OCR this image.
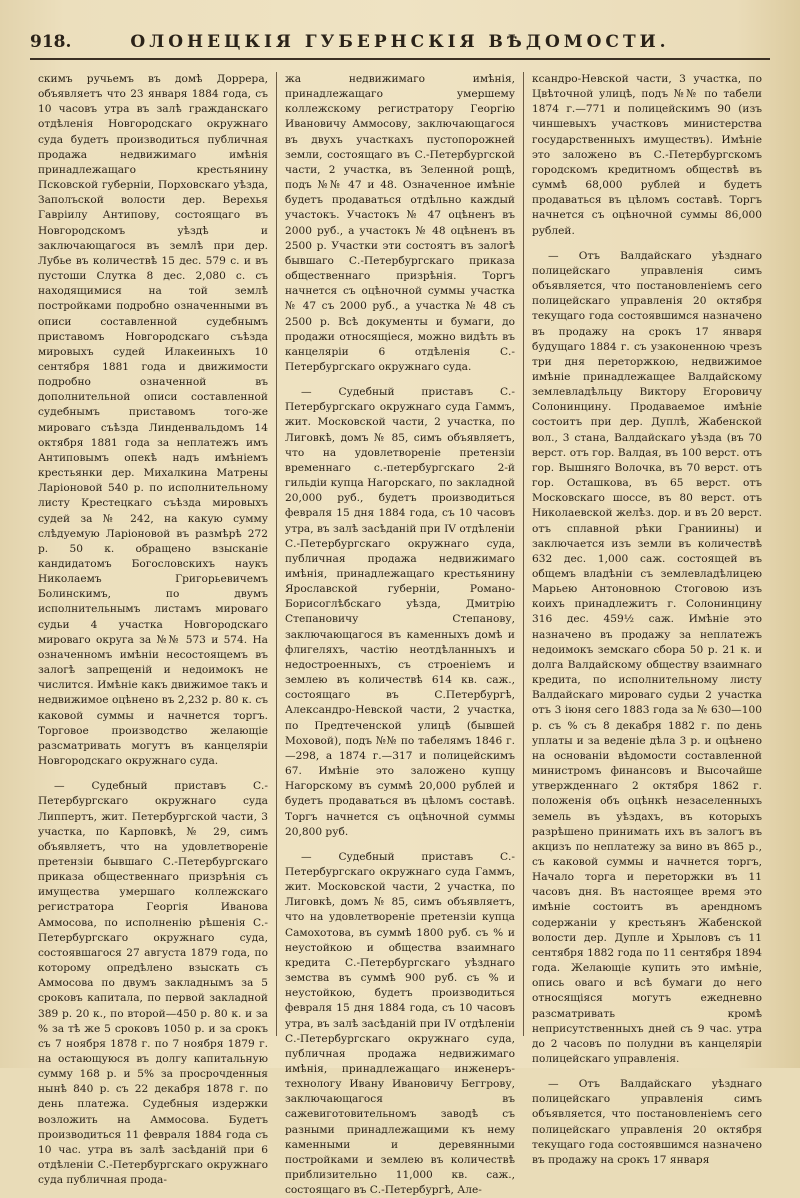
918.	ОЛОНЕЦКІЯ ГУБЕРНСКІЯ ВѢДОМОСТИ.

скимъ ручьемъ въ домѣ Доррера, объявляетъ что 23 января 1884 года, съ 10 часовъ утра въ залѣ гражданскаго отдѣленія Новгородскаго окружнаго суда будетъ производиться публичная продажа недвижимаго имѣнія принадлежащаго крестьянину Псковской губерніи, Порховскаго уѣзда, Заполъской волости дер. Верехья Гавріилу Антипову, состоящаго въ Новгородскомъ уѣздѣ и заключающагося въ землѣ при дер. Лубье въ количествѣ 15 дес. 579 с. и въ пустоши Слутка 8 дес. 2,080 с. съ находящимися на той землѣ постройками подробно означенными въ описи составленной судебнымъ приставомъ Новгородскаго съѣзда мировыхъ судей Илакеиныхъ 10 сентября 1881 года и движимости подробно означенной въ дополнительной описи составленной судебнымъ приставомъ того-же мироваго съѣзда Линденвальдомъ 14 октября 1881 года за неплатежъ имъ Антиповымъ опекѣ надъ имѣніемъ крестьянки дер. Михалкина Матрены Ларіоновой 540 р. по исполнительному листу Крестецкаго съѣзда мировыхъ судей за № 242, на какую сумму слѣдуемую Ларіоновой въ размѣрѣ 272 р. 50 к. обращено взысканіе кандидатомъ Богословскихъ наукъ Николаемъ Григорьевичемъ Болинскимъ, по двумъ исполнительнымъ листамъ мироваго судьи 4 участка Новгородскаго мироваго округа за №№ 573 и 574. На означенномъ имѣніи несостоящемъ въ залогѣ запрещеній и недоимокъ не числится. Имѣніе какъ движимое такъ и недвижимое оцѣнено въ 2,232 р. 80 к. съ каковой суммы и начнется торгъ. Торговое производство желающіе разсматривать могутъ въ канцеляріи Новгородскаго окружнаго суда.

— Судебный приставъ С.-Петербургскаго окружнаго суда Липпертъ, жит. Петербургской части, 3 участка, по Карповкѣ, № 29, симъ объявляетъ, что на удовлетвореніе претензіи бывшаго С.-Петербургскаго приказа общественнаго призрѣнія съ имущества умершаго коллежскаго регистратора Георгія Ивановa Аммосова, по исполненію рѣшенія С.-Петербургскаго окружнаго суда, состоявшагося 27 августа 1879 года, по которому опредѣлено взыскать съ Аммосова по двумъ закладнымъ за 5 сроковъ капитала, по первой закладной 389 р. 20 к., по второй—450 р. 80 к. и за % за тѣ же 5 сроковъ 1050 р. и за срокъ съ 7 ноября 1878 г. по 7 ноября 1879 г. на остающуюся въ долгу капитальную сумму 168 р. и 5% за просрочденныя нынѣ 840 р. съ 22 декабря 1878 г. по день платежа. Судебныя издержки возложить на Аммосова. Будетъ производиться 11 февраля 1884 года съ 10 час. утра въ залѣ засѣданій при 6 отдѣленіи С.-Петербургскаго окружнаго суда публичная прода-

жа недвижимаго имѣнія, принадлежащаго умершему коллежскому регистратору Георгію Ивановичу Аммосову, заключающагося въ двухъ участкахъ пустопорожней земли, состоящаго въ С.-Петербургской части, 2 участка, въ Зеленной рощѣ, подъ №№ 47 и 48. Означенное имѣніе будетъ продаваться отдѣльно каждый участокъ. Участокъ № 47 оцѣненъ въ 2000 руб., а участокъ № 48 оцѣненъ въ 2500 р. Участки эти состоятъ въ залогѣ бывшаго С.-Петербургскаго приказа общественнаго призрѣнія. Торгъ начнется съ оцѣночной суммы участка № 47 съ 2000 руб., а участка № 48 съ 2500 р. Всѣ документы и бумаги, до продажи относящіеся, можно видѣть въ канцеляріи 6 отдѣленія С.-Петербургскаго окружнаго суда.

— Судебный приставъ С.-Петербургскаго окружнаго суда Гаммъ, жит. Московской части, 2 участка, по Лиговкѣ, домъ № 85, симъ объявляетъ, что на удовлетвореніе претензіи временнаго с.-петербургскаго 2-й гильдіи купца Нагорскаго, по закладной 20,000 руб., будетъ производиться февраля 15 дня 1884 года, съ 10 часовъ утра, въ залѣ засѣданій при IV отдѣленіи С.-Петербургскаго окружнаго суда, публичная продажа недвижимаго имѣнія, принадлежащаго крестьянину Ярославской губерніи, Романо-Борисоглѣбскаго уѣзда, Дмитрію Степановичу Степанову, заключающагося въ каменныхъ домѣ и флигеляхъ, частію неотдѣланныхъ и недостроенныхъ, съ строеніемъ и землею въ количествѣ 614 кв. саж., состоящаго въ С.Петербургѣ, Александро-Невской части, 2 участка, по Предтеченской улицѣ (бывшей Моховой), подъ №№ по табелямъ 1846 г.—298, а 1874 г.—317 и полицейскимъ 67. Имѣніе это заложено купцу Нагорскому въ суммѣ 20,000 рублей и будетъ продаваться въ цѣломъ составѣ. Торгъ начнется съ оцѣночной суммы 20,800 руб.

— Судебный приставъ С.-Петербургскаго окружнаго суда Гаммъ, жит. Московской части, 2 участка, по Лиговкѣ, домъ № 85, симъ объявляетъ, что на удовлетвореніе претензіи купца Самохотова, въ суммѣ 1800 руб. съ % и неустойкою и общества взаимнаго кредита С.-Петербургскаго уѣзднаго земства въ суммѣ 900 руб. съ % и неустойкою, будетъ производиться февраля 15 дня 1884 года, съ 10 часовъ утра, въ залѣ засѣданій при IV отдѣленіи С.-Петербургскаго окружнаго суда, публичная продажа недвижимаго имѣнія, принадлежащаго инженеръ-технологу Ивану Ивановичу Беггрову, заключающагося въ сажевиготовительномъ заводѣ съ разными принадлежащими къ нему каменными и деревянными постройками и землею въ количествѣ приблизительно 11,000 кв. саж., состоящаго въ С.-Петербургѣ, Але-

ксандро-Невской части, 3 участка, по Цвѣточной улицѣ, подъ №№ по табели 1874 г.—771 и полицейскимъ 90 (изъ чиншевыхъ участковъ министерства государственныхъ имуществъ). Имѣніе это заложено въ С.-Петербургскомъ городскомъ кредитномъ обществѣ въ суммѣ 68,000 рублей и будетъ продаваться въ цѣломъ составѣ. Торгъ начнется съ оцѣночной суммы 86,000 рублей.

— Отъ Валдайскаго уѣзднаго полицейскаго управленія симъ объявляется, что постановленіемъ сего полицейскаго управленія 20 октября текущаго года состоявшимся назначено въ продажу на срокъ 17 января будущаго 1884 г. съ узаконенною чрезъ три дня переторжкою, недвижимое имѣніе принадлежащее Валдайскому землевладѣльцу Виктору Егоровичу Солонинцину. Продаваемое имѣніе состоитъ при дер. Дуплѣ, Жабенской вол., 3 стана, Валдайскаго уѣзда (въ 70 верст. отъ гор. Валдая, въ 100 верст. отъ гор. Вышняго Волочка, въ 70 верст. отъ гор. Осташкова, въ 65 верст. отъ Московскаго шоссе, въ 80 верст. отъ Николаевской желѣз. дор. и въ 20 верст. отъ сплавной рѣки Граниины) и заключается изъ земли въ количествѣ 632 дес. 1,000 саж. состоящей въ общемъ владѣніи съ землевладѣлицею Марьею Антоновною Стоговою изъ коихъ принадлежитъ г. Солонинцину 316 дес. 459½ саж. Имѣніе это назначено въ продажу за неплатежъ недоимокъ земскаго сбора 50 р. 21 к. и долга Валдайскому обществу взаимнаго кредита, по исполнительному листу Валдайскаго мироваго судьи 2 участка отъ 3 іюня сего 1883 года за № 630—100 р. съ % съ 8 декабря 1882 г. по день уплаты и за веденіе дѣла 3 р. и оцѣнено на основаніи вѣдомости составленной министромъ финансовъ и Высочайше утвержденнаго 2 октября 1862 г. положенія объ оцѣнкѣ незаселенныхъ земель въ уѣздахъ, въ которыхъ разрѣшено принимать ихъ въ залогъ въ акцизъ по неплатежу за вино въ 865 р., съ каковой суммы и начнется торгъ, Начало торга и переторжки въ 11 часовъ дня. Въ настоящее время это имѣніе состоитъ въ арендномъ содержаніи у крестьянъ Жабенской волости дер. Дупле и Хрыловъ съ 11 сентября 1882 года по 11 сентября 1894 года. Желающіе купить это имѣніе, опись оваго и всѣ бумаги до него относящіяся могутъ ежедневно разсматривать кромѣ неприсутственныхъ дней съ 9 час. утра до 2 часовъ по полудни въ канцеляріи полицейскаго управленія.

— Отъ Валдайскаго уѣзднаго полицейскаго управленія симъ объявляется, что постановленіемъ сего полицейскаго управленія 20 октября текущаго года состоявшимся назначено въ продажу на срокъ 17 января
